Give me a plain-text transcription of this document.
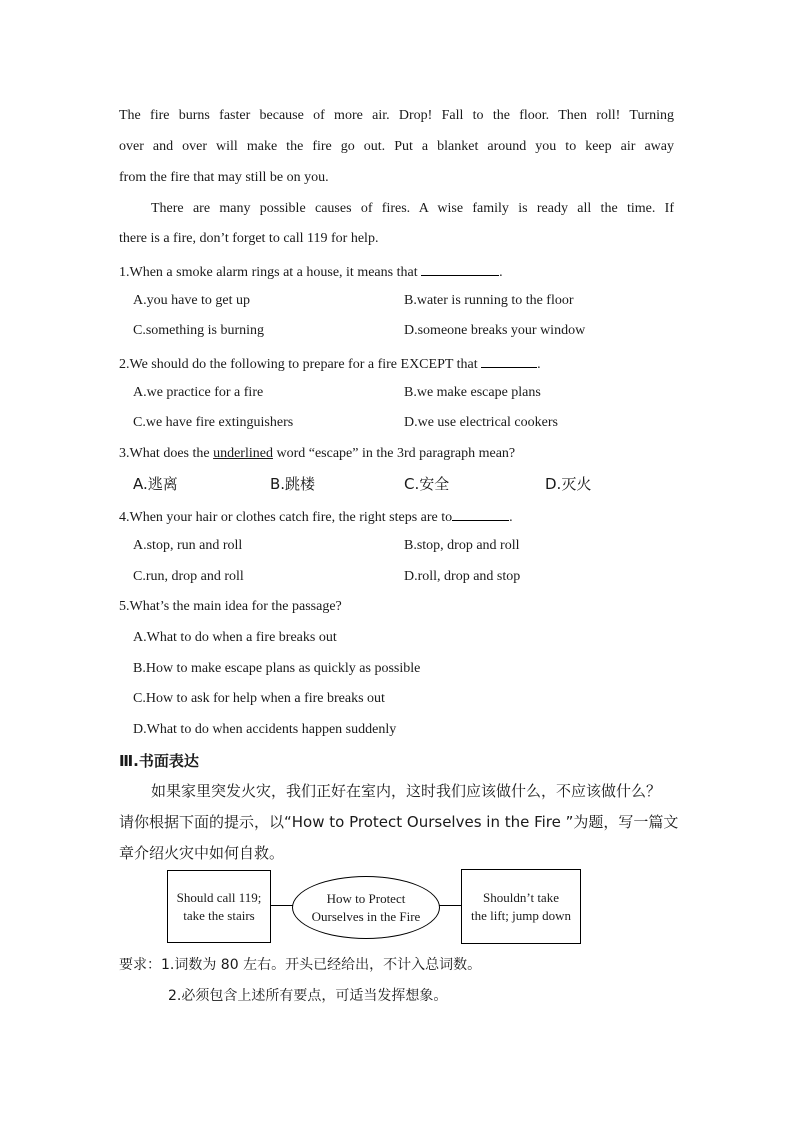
The fire burns faster because of more air. Drop! Fall to the floor. Then roll! Turning
over and over will make the fire go out. Put a blanket around you to keep air away
from the fire that may still be on you.
There are many possible causes of fires. A wise family is ready all the time. If
there is a fire, don’t forget to call 119 for help.
1.When a smoke alarm rings at a house, it means that	.
A.you have to get up	B.water is running to the floor
C.something is burning	D.someone breaks your window
2.We should do the following to prepare for a fire EXCEPT that	.
A.we practice for a fire	B.we make escape plans
C.we have fire extinguishers	D.we use electrical cookers
3.What does the underlined word “escape” in the 3rd paragraph mean?
A.逃离	B.跳楼	C.安全	D.灭火
4.When your hair or clothes catch fire, the right steps are to	.
A.stop, run and roll	B.stop, drop and roll
C.run, drop and roll	D.roll, drop and stop
5.What’s the main idea for the passage?
A.What to do when a fire breaks out
B.How to make escape plans as quickly as possible
C.How to ask for help when a fire breaks out
D.What to do when accidents happen suddenly
Ⅲ.书面表达
如果家里突发火灾，我们正好在室内，这时我们应该做什么，不应该做什么？
请你根据下面的提示，以“How to Protect Ourselves in the Fire ”为题，写一篇文
章介绍火灾中如何自救。
Should call 119;
take the stairs
How to Protect
Ourselves in the Fire
Shouldn’t take
the lift; jump down
要求：1.词数为 80 左右。开头已经给出，不计入总词数。
2.必须包含上述所有要点，可适当发挥想象。
